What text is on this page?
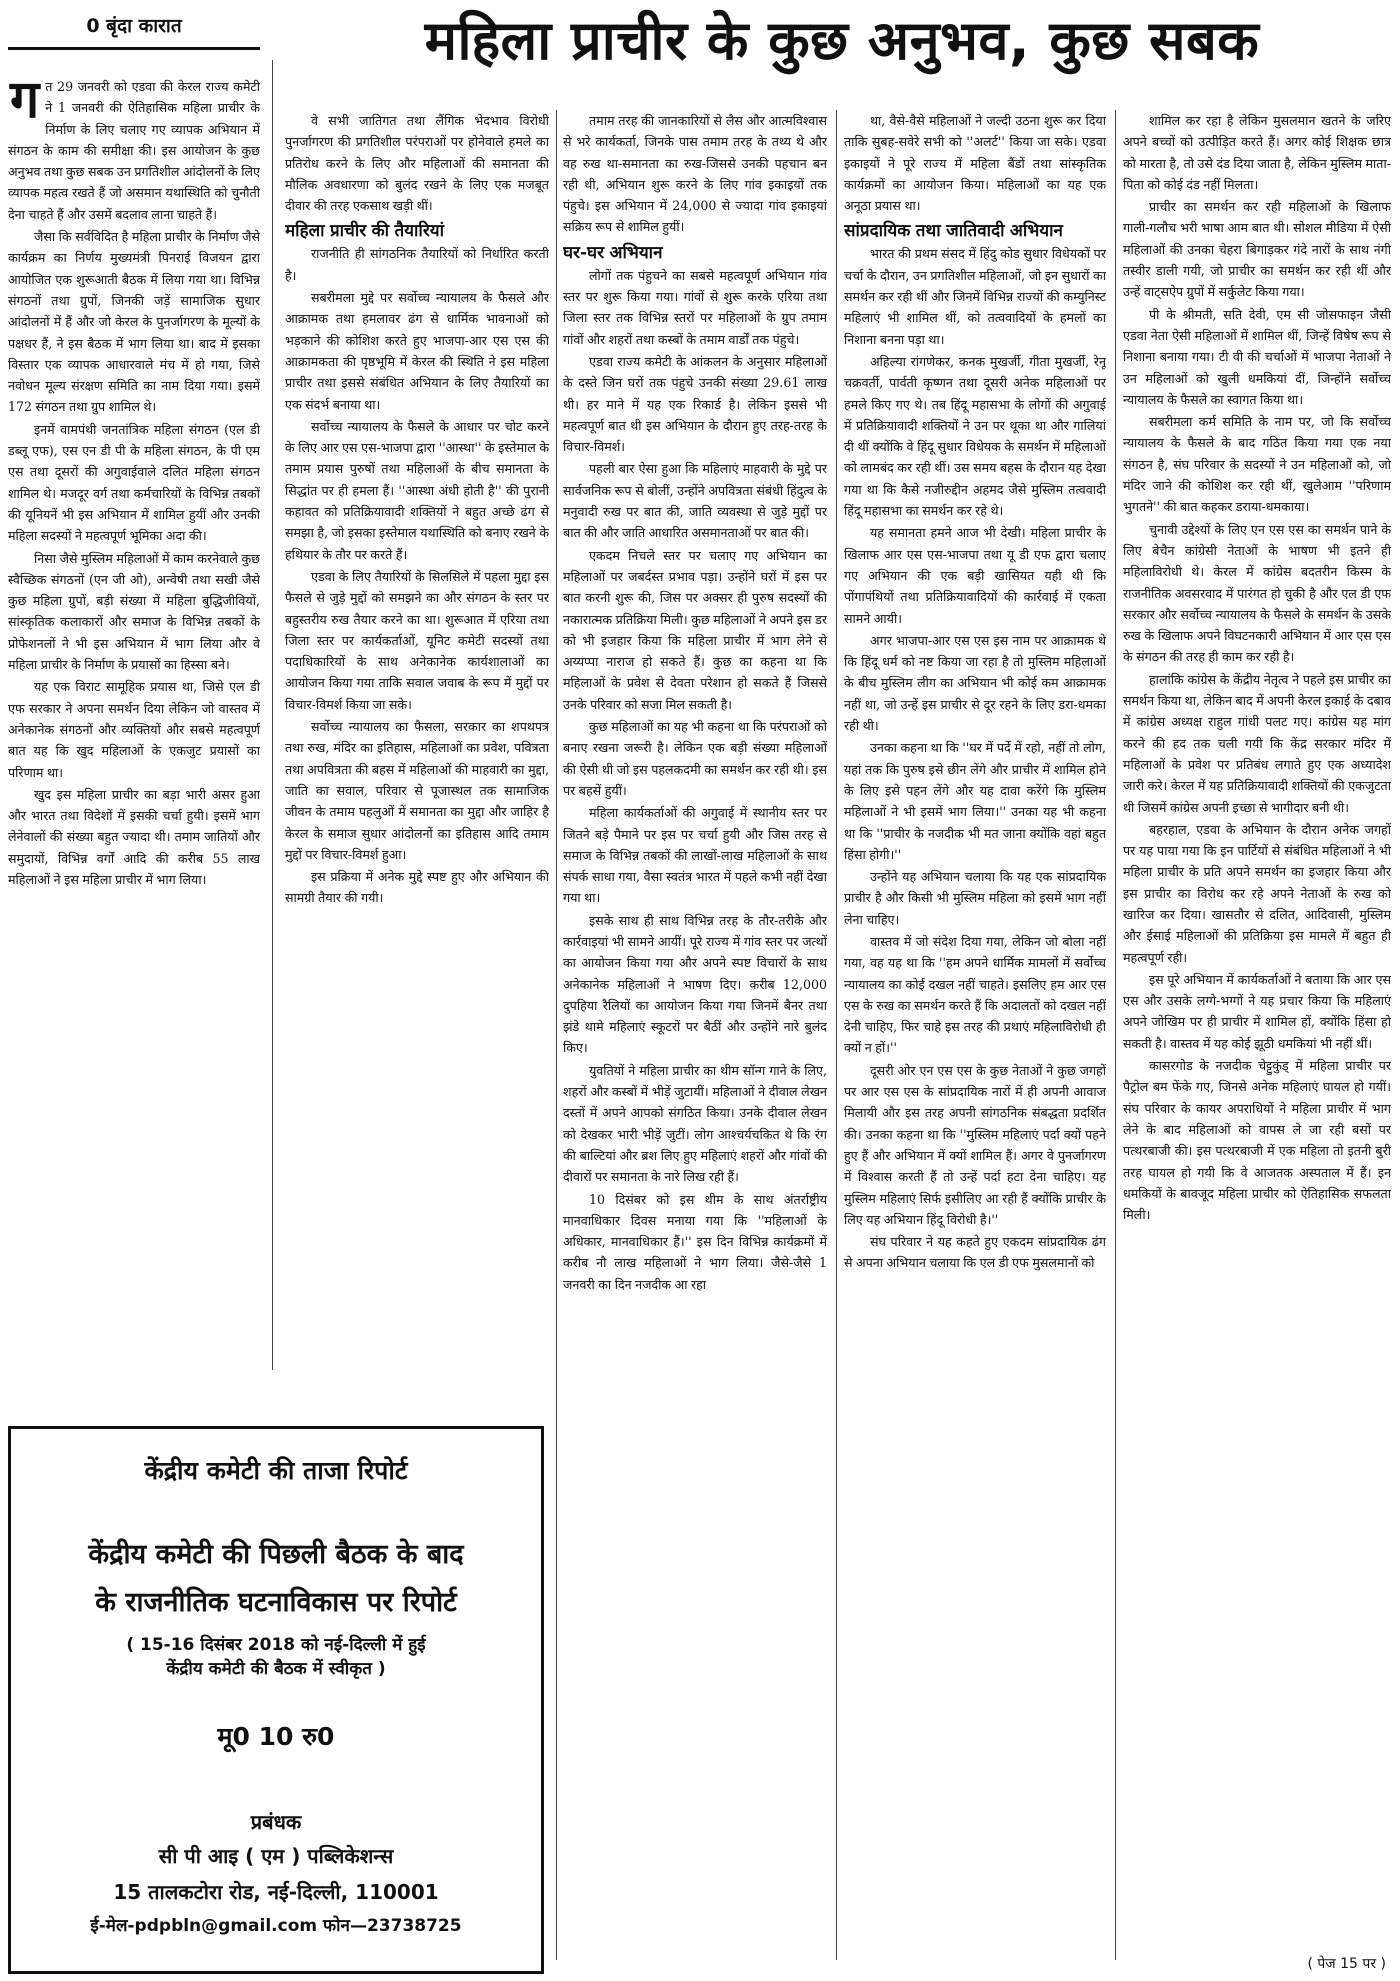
0 बृंदा कारात	महिला प्राचीर के कुछ अनुभव, कुछ सबक

गत 29 जनवरी को एडवा की केरल राज्य कमेटी ने 1 जनवरी की ऐतिहासिक महिला प्राचीर के निर्माण के लिए चलाए गए व्यापक अभियान में संगठन के काम की समीक्षा की। इस आयोजन के कुछ अनुभव तथा कुछ सबक उन प्रगतिशील आंदोलनों के लिए व्यापक महत्व रखते हैं जो असमान यथास्थिति को चुनौती देना चाहते हैं और उसमें बदलाव लाना चाहते हैं।

जैसा कि सर्वविदित है महिला प्राचीर के निर्माण जैसे कार्यक्रम का निर्णय मुख्यमंत्री पिनराई विजयन द्वारा आयोजित एक शुरूआती बैठक में लिया गया था। विभिन्न संगठनों तथा ग्रुपों, जिनकी जड़ें सामाजिक सुधार आंदोलनों में हैं और जो केरल के पुनर्जागरण के मूल्यों के पक्षधर हैं, ने इस बैठक में भाग लिया था। बाद में इसका विस्तार एक व्यापक आधारवाले मंच में हो गया, जिसे नवोधन मूल्य संरक्षण समिति का नाम दिया गया। इसमें 172 संगठन तथा ग्रुप शामिल थे।

इनमें वामपंथी जनतांत्रिक महिला संगठन (एल डी डब्लू एफ), एस एन डी पी के महिला संगठन, के पी एम एस तथा दूसरों की अगुवाईवाले दलित महिला संगठन शामिल थे। मजदूर वर्ग तथा कर्मचारियों के विभिन्न तबकों की यूनियनें भी इस अभियान में शामिल हुयीं और उनकी महिला सदस्यों ने महत्वपूर्ण भूमिका अदा की।

निसा जैसे मुस्लिम महिलाओं में काम करनेवाले कुछ स्वैच्छिक संगठनों (एन जी ओ), अन्वेषी तथा सखी जैसे कुछ महिला ग्रुपों, बड़ी संख्या में महिला बुद्धिजीवियों, सांस्कृतिक कलाकारों और समाज के विभिन्न तबकों के प्रोफेशनलों ने भी इस अभियान में भाग लिया और वे महिला प्राचीर के निर्माण के प्रयासों का हिस्सा बने।

यह एक विराट सामूहिक प्रयास था, जिसे एल डी एफ सरकार ने अपना समर्थन दिया लेकिन जो वास्तव में अनेकानेक संगठनों और व्यक्तियों और सबसे महत्वपूर्ण बात यह कि खुद महिलाओं के एकजुट प्रयासों का परिणाम था।

खुद इस महिला प्राचीर का बड़ा भारी असर हुआ और भारत तथा विदेशों में इसकी चर्चा हुयी। इसमें भाग लेनेवालों की संख्या बहुत ज्यादा थी। तमाम जातियों और समुदायों, विभिन्न वर्गों आदि की करीब 55 लाख महिलाओं ने इस महिला प्राचीर में भाग लिया।

वे सभी जातिगत तथा लैंगिक भेदभाव विरोधी पुनर्जागरण की प्रगतिशील परंपराओं पर होनेवाले हमले का प्रतिरोध करने के लिए और महिलाओं की समानता की मौलिक अवधारणा को बुलंद रखने के लिए एक मजबूत दीवार की तरह एकसाथ खड़ी थीं।

महिला प्राचीर की तैयारियां

राजनीति ही सांगठनिक तैयारियों को निर्धारित करती है।

सबरीमला मुद्दे पर सर्वोच्च न्यायालय के फैसले और आक्रामक तथा हमलावर ढंग से धार्मिक भावनाओं को भड़काने की कोशिश करते हुए भाजपा-आर एस एस की आक्रामकता की पृष्ठभूमि में केरल की स्थिति ने इस महिला प्राचीर तथा इससे संबंधित अभियान के लिए तैयारियों का एक संदर्भ बनाया था।

सर्वोच्च न्यायालय के फैसले के आधार पर चोट करने के लिए आर एस एस-भाजपा द्वारा ''आस्था'' के इस्तेमाल के तमाम प्रयास पुरुषों तथा महिलाओं के बीच समानता के सिद्धांत पर ही हमला हैं। ''आस्था अंधी होती है'' की पुरानी कहावत को प्रतिक्रियावादी शक्तियों ने बहुत अच्छे ढंग से समझा है, जो इसका इस्तेमाल यथास्थिति को बनाए रखने के हथियार के तौर पर करते हैं।

एडवा के लिए तैयारियों के सिलसिले में पहला मुद्दा इस फैसले से जुड़े मुद्दों को समझने का और संगठन के स्तर पर बहुस्तरीय रुख तैयार करने का था। शुरूआत में एरिया तथा जिला स्तर पर कार्यकर्ताओं, यूनिट कमेटी सदस्यों तथा पदाधिकारियों के साथ अनेकानेक कार्यशालाओं का आयोजन किया गया ताकि सवाल जवाब के रूप में मुद्दों पर विचार-विमर्श किया जा सके।

सर्वोच्च न्यायालय का फैसला, सरकार का शपथपत्र तथा रुख, मंदिर का इतिहास, महिलाओं का प्रवेश, पवित्रता तथा अपवित्रता की बहस में महिलाओं की माहवारी का मुद्दा, जाति का सवाल, परिवार से पूजास्थल तक सामाजिक जीवन के तमाम पहलुओं में समानता का मुद्दा और जाहिर है केरल के समाज सुधार आंदोलनों का इतिहास आदि तमाम मुद्दों पर विचार-विमर्श हुआ।

इस प्रक्रिया में अनेक मुद्दे स्पष्ट हुए और अभियान की सामग्री तैयार की गयी।

तमाम तरह की जानकारियों से लैस और आत्मविश्वास से भरे कार्यकर्ता, जिनके पास तमाम तरह के तथ्य थे और वह रुख था-समानता का रुख-जिससे उनकी पहचान बन रही थी, अभियान शुरू करने के लिए गांव इकाइयों तक पंहुचे। इस अभियान में 24,000 से ज्यादा गांव इकाइयां सक्रिय रूप से शामिल हुयीं।

घर-घर अभियान

लोगों तक पंहुचने का सबसे महत्वपूर्ण अभियान गांव स्तर पर शुरू किया गया। गांवों से शुरू करके एरिया तथा जिला स्तर तक विभिन्न स्तरों पर महिलाओं के ग्रुप तमाम गांवों और शहरों तथा कस्बों के तमाम वार्डों तक पंहुचे।

एडवा राज्य कमेटी के आंकलन के अनुसार महिलाओं के दस्ते जिन घरों तक पंहुचे उनकी संख्या 29.61 लाख थी। हर माने में यह एक रिकार्ड है। लेकिन इससे भी महत्वपूर्ण बात थी इस अभियान के दौरान हुए तरह-तरह के विचार-विमर्श।

पहली बार ऐसा हुआ कि महिलाएं माहवारी के मुद्दे पर सार्वजनिक रूप से बोलीं, उन्होंने अपवित्रता संबंधी हिंदुत्व के मनुवादी रुख पर बात की, जाति व्यवस्था से जुड़े मुद्दों पर बात की और जाति आधारित असमानताओं पर बात की।

एकदम निचले स्तर पर चलाए गए अभियान का महिलाओं पर जबर्दस्त प्रभाव पड़ा। उन्होंने घरों में इस पर बात करनी शुरू की, जिस पर अक्सर ही पुरुष सदस्यों की नकारात्मक प्रतिक्रिया मिली। कुछ महिलाओं ने अपने इस डर को भी इजहार किया कि महिला प्राचीर में भाग लेने से अय्यप्पा नाराज हो सकते हैं। कुछ का कहना था कि महिलाओं के प्रवेश से देवता परेशान हो सकते हैं जिससे उनके परिवार को सजा मिल सकती है।

कुछ महिलाओं का यह भी कहना था कि परंपराओं को बनाए रखना जरूरी है। लेकिन एक बड़ी संख्या महिलाओं की ऐसी थी जो इस पहलकदमी का समर्थन कर रही थी। इस पर बहसें हुयीं।

महिला कार्यकर्ताओं की अगुवाई में स्थानीय स्तर पर जितने बड़े पैमाने पर इस पर चर्चा हुयी और जिस तरह से समाज के विभिन्न तबकों की लाखों-लाख महिलाओं के साथ संपर्क साधा गया, वैसा स्वतंत्र भारत में पहले कभी नहीं देखा गया था।

इसके साथ ही साथ विभिन्न तरह के तौर-तरीके और कार्रवाइयां भी सामने आयीं। पूरे राज्य में गांव स्तर पर जत्थों का आयोजन किया गया और अपने स्पष्ट विचारों के साथ अनेकानेक महिलाओं ने भाषण दिए। करीब 12,000 दुपहिया रैलियों का आयोजन किया गया जिनमें बैनर तथा झंडे थामे महिलाएं स्कूटरों पर बैठीं और उन्होंने नारे बुलंद किए।

युवतियों ने महिला प्राचीर का थीम सॉन्ग गाने के लिए, शहरों और कस्बों में भीड़ें जुटायीं। महिलाओं ने दीवाल लेखन दस्तों में अपने आपको संगठित किया। उनके दीवाल लेखन को देखकर भारी भीड़ें जुटीं। लोग आश्चर्यचकित थे कि रंग की बाल्टियां और ब्रश लिए हुए महिलाएं शहरों और गांवों की दीवारों पर समानता के नारे लिख रही हैं।

10 दिसंबर को इस थीम के साथ अंतर्राष्ट्रीय मानवाधिकार दिवस मनाया गया कि ''महिलाओं के अधिकार, मानवाधिकार हैं।'' इस दिन विभिन्न कार्यक्रमों में करीब नौ लाख महिलाओं ने भाग लिया। जैसे-जैसे 1 जनवरी का दिन नजदीक आ रहा

था, वैसे-वैसे महिलाओं ने जल्दी उठना शुरू कर दिया ताकि सुबह-सवेरे सभी को ''अलर्ट'' किया जा सके। एडवा इकाइयों ने पूरे राज्य में महिला बैंडों तथा सांस्कृतिक कार्यक्रमों का आयोजन किया। महिलाओं का यह एक अनूठा प्रयास था।

सांप्रदायिक तथा जातिवादी अभियान

भारत की प्रथम संसद में हिंदु कोड सुधार विधेयकों पर चर्चा के दौरान, उन प्रगतिशील महिलाओं, जो इन सुधारों का समर्थन कर रही थीं और जिनमें विभिन्न राज्यों की कम्युनिस्ट महिलाएं भी शामिल थीं, को तत्ववादियों के हमलों का निशाना बनना पड़ा था।

अहिल्या रांगणेकर, कनक मुखर्जी, गीता मुखर्जी, रेनू चक्रवर्ती, पार्वती कृष्णन तथा दूसरी अनेक महिलाओं पर हमले किए गए थे। तब हिंदू महासभा के लोगों की अगुवाई में प्रतिक्रियावादी शक्तियों ने उन पर थूका था और गालियां दी थीं क्योंकि वे हिंदू सुधार विधेयक के समर्थन में महिलाओं को लामबंद कर रही थीं। उस समय बहस के दौरान यह देखा गया था कि कैसे नजीरुद्दीन अहमद जैसे मुस्लिम तत्ववादी हिंदू महासभा का समर्थन कर रहे थे।

यह समानता हमने आज भी देखी। महिला प्राचीर के खिलाफ आर एस एस-भाजपा तथा यू डी एफ द्वारा चलाए गए अभियान की एक बड़ी खासियत यही थी कि पोंगापंथियों तथा प्रतिक्रियावादियों की कार्रवाई में एकता सामने आयी।

अगर भाजपा-आर एस एस इस नाम पर आक्रामक थे कि हिंदू धर्म को नष्ट किया जा रहा है तो मुस्लिम महिलाओं के बीच मुस्लिम लीग का अभियान भी कोई कम आक्रामक नहीं था, जो उन्हें इस प्राचीर से दूर रहने के लिए डरा-धमका रही थी।

उनका कहना था कि ''घर में पर्दे में रहो, नहीं तो लोग, यहां तक कि पुरुष इसे छीन लेंगे और प्राचीर में शामिल होने के लिए इसे पहन लेंगे और यह दावा करेंगे कि मुस्लिम महिलाओं ने भी इसमें भाग लिया।'' उनका यह भी कहना था कि ''प्राचीर के नजदीक भी मत जाना क्योंकि वहां बहुत हिंसा होगी।''

उन्होंने यह अभियान चलाया कि यह एक सांप्रदायिक प्राचीर है और किसी भी मुस्लिम महिला को इसमें भाग नहीं लेना चाहिए।

वास्तव में जो संदेश दिया गया, लेकिन जो बोला नहीं गया, वह यह था कि ''हम अपने धार्मिक मामलों में सर्वोच्च न्यायालय का कोई दखल नहीं चाहते। इसलिए हम आर एस एस के रुख का समर्थन करते हैं कि अदालतों को दखल नहीं देनी चाहिए, फिर चाहे इस तरह की प्रथाएं महिलाविरोधी ही क्यों न हों।''

दूसरी ओर एन एस एस के कुछ नेताओं ने कुछ जगहों पर आर एस एस के सांप्रदायिक नारों में ही अपनी आवाज मिलायी और इस तरह अपनी सांगठनिक संबद्धता प्रदर्शित की। उनका कहना था कि ''मुस्लिम महिलाएं पर्दा क्यों पहने हुए हैं और अभियान में क्यों शामिल हैं। अगर वे पुनर्जागरण में विश्वास करती हैं तो उन्हें पर्दा हटा देना चाहिए। यह मुस्लिम महिलाएं सिर्फ इसीलिए आ रही हैं क्योंकि प्राचीर के लिए यह अभियान हिंदू विरोधी है।''

संघ परिवार ने यह कहते हुए एकदम सांप्रदायिक ढंग से अपना अभियान चलाया कि एल डी एफ मुसलमानों को

शामिल कर रहा है लेकिन मुसलमान खतने के जरिए अपने बच्चों को उत्पीड़ित करते हैं। अगर कोई शिक्षक छात्र को मारता है, तो उसे दंड दिया जाता है, लेकिन मुस्लिम माता-पिता को कोई दंड नहीं मिलता।

प्राचीर का समर्थन कर रही महिलाओं के खिलाफ गाली-गलौच भरी भाषा आम बात थी। सोशल मीडिया में ऐसी महिलाओं की उनका चेहरा बिगाड़कर गंदे नारों के साथ नंगी तस्वीर डाली गयी, जो प्राचीर का समर्थन कर रही थीं और उन्हें वाट्सऐप ग्रुपों में सर्कुलेट किया गया।

पी के श्रीमती, सति देवी, एम सी जोसफाइन जैसी एडवा नेता ऐसी महिलाओं में शामिल थीं, जिन्हें विषेष रूप से निशाना बनाया गया। टी वी की चर्चाओं में भाजपा नेताओं ने उन महिलाओं को खुली धमकियां दीं, जिन्होंने सर्वोच्च न्यायालय के फैसले का स्वागत किया था।

सबरीमला कर्म समिति के नाम पर, जो कि सर्वोच्च न्यायालय के फैसले के बाद गठित किया गया एक नया संगठन है, संघ परिवार के सदस्यों ने उन महिलाओं को, जो मंदिर जाने की कोशिश कर रही थीं, खुलेआम ''परिणाम भुगतने'' की बात कहकर डराया-धमकाया।

चुनावी उद्देश्यों के लिए एन एस एस का समर्थन पाने के लिए बेचैन कांग्रेसी नेताओं के भाषण भी इतने ही महिलाविरोधी थे। केरल में कांग्रेस बदतरीन किस्म के राजनीतिक अवसरवाद में पारंगत हो चुकी है और एल डी एफ सरकार और सर्वोच्च न्यायालय के फैसले के समर्थन के उसके रुख के खिलाफ अपने विघटनकारी अभियान में आर एस एस के संगठन की तरह ही काम कर रही है।

हालांकि कांग्रेस के केंद्रीय नेतृत्व ने पहले इस प्राचीर का समर्थन किया था, लेकिन बाद में अपनी केरल इकाई के दबाव में कांग्रेस अध्यक्ष राहुल गांधी पलट गए। कांग्रेस यह मांग करने की हद तक चली गयी कि केंद्र सरकार मंदिर में महिलाओं के प्रवेश पर प्रतिबंध लगाते हुए एक अध्यादेश जारी करे। केरल में यह प्रतिक्रियावादी शक्तियों की एकजुटता थी जिसमें कांग्रेस अपनी इच्छा से भागीदार बनी थी।

बहरहाल, एडवा के अभियान के दौरान अनेक जगहों पर यह पाया गया कि इन पार्टियों से संबंधित महिलाओं ने भी महिला प्राचीर के प्रति अपने समर्थन का इजहार किया और इस प्राचीर का विरोध कर रहे अपने नेताओं के रुख को खारिज कर दिया। खासतौर से दलित, आदिवासी, मुस्लिम और ईसाई महिलाओं की प्रतिक्रिया इस मामले में बहुत ही महत्वपूर्ण रही।

इस पूरे अभियान में कार्यकर्ताओं ने बताया कि आर एस एस और उसके लग्गे-भग्गों ने यह प्रचार किया कि महिलाएं अपने जोखिम पर ही प्राचीर में शामिल हों, क्योंकि हिंसा हो सकती है। वास्तव में यह कोई झूठी धमकियां भी नहीं थीं।

कासरगोड के नजदीक चेट्टुकुंड् में महिला प्राचीर पर पैट्रोल बम फेंके गए, जिनसे अनेक महिलाएं घायल हो गयीं। संघ परिवार के कायर अपराधियों ने महिला प्राचीर में भाग लेने के बाद महिलाओं को वापस ले जा रही बसों पर पत्थरबाजी की। इस पत्थरबाजी में एक महिला तो इतनी बुरी तरह घायल हो गयी कि वे आजतक अस्पताल में हैं। इन धमकियों के बावजूद महिला प्राचीर को ऐतिहासिक सफलता मिली।

केंद्रीय कमेटी की ताजा रिपोर्ट
केंद्रीय कमेटी की पिछली बैठक के बाद
के राजनीतिक घटनाविकास पर रिपोर्ट
( 15-16 दिसंबर 2018 को नई-दिल्ली में हुई
केंद्रीय कमेटी की बैठक में स्वीकृत )
मू0 10 रु0
प्रबंधक
सी पी आइ ( एम ) पब्लिकेशन्स
15 तालकटोरा रोड, नई-दिल्ली, 110001
ई-मेल-pdpbln@gmail.com फोन—23738725
( पेज 15 पर )
